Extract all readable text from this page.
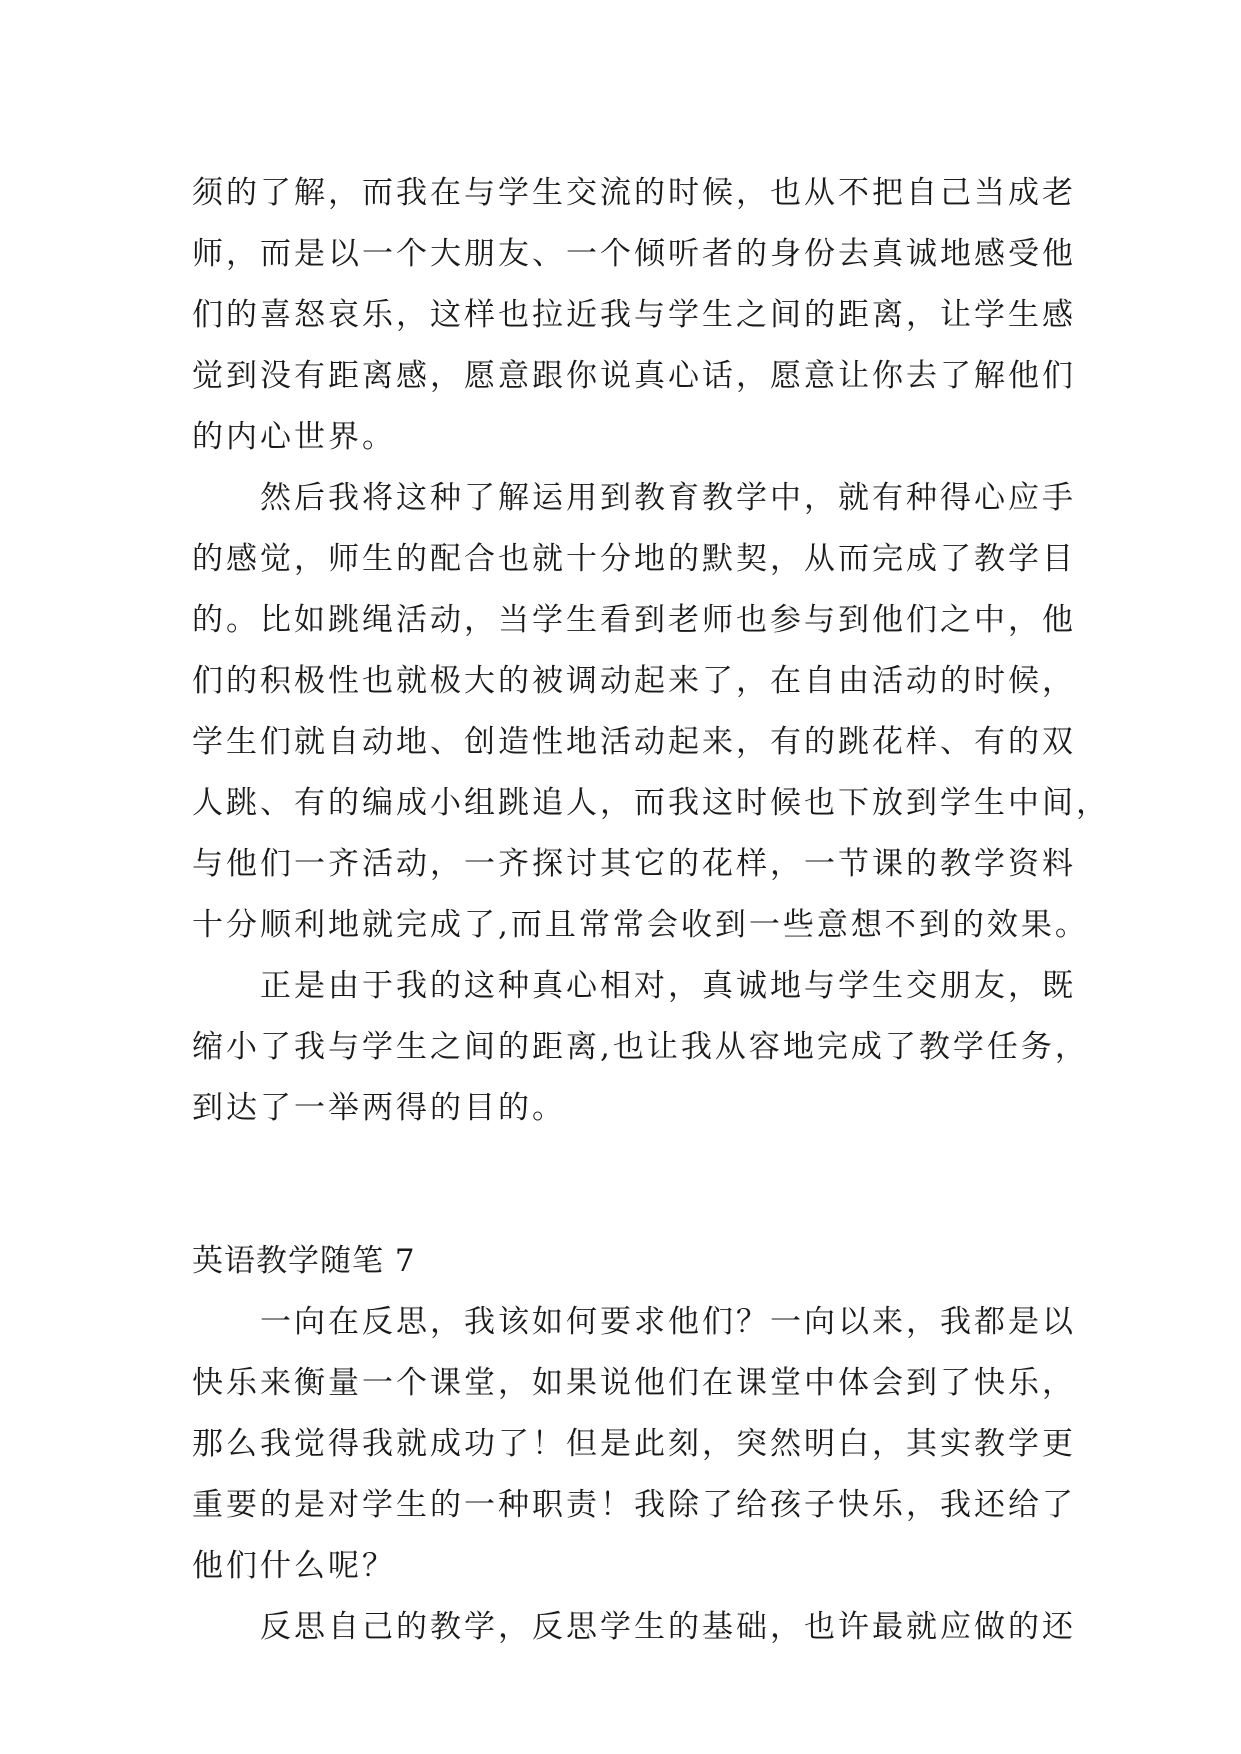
须的了解，而我在与学生交流的时候，也从不把自己当成老
师，而是以一个大朋友、一个倾听者的身份去真诚地感受他
们的喜怒哀乐，这样也拉近我与学生之间的距离，让学生感
觉到没有距离感，愿意跟你说真心话，愿意让你去了解他们
的内心世界。
　　然后我将这种了解运用到教育教学中，就有种得心应手
的感觉，师生的配合也就十分地的默契，从而完成了教学目
的。比如跳绳活动，当学生看到老师也参与到他们之中，他
们的积极性也就极大的被调动起来了，在自由活动的时候，
学生们就自动地、创造性地活动起来，有的跳花样、有的双
人跳、有的编成小组跳追人，而我这时候也下放到学生中间，
与他们一齐活动，一齐探讨其它的花样，一节课的教学资料
十分顺利地就完成了,而且常常会收到一些意想不到的效果。
　　正是由于我的这种真心相对，真诚地与学生交朋友，既
缩小了我与学生之间的距离,也让我从容地完成了教学任务，
到达了一举两得的目的。
英语教学随笔 7
　　一向在反思，我该如何要求他们？一向以来，我都是以
快乐来衡量一个课堂，如果说他们在课堂中体会到了快乐，
那么我觉得我就成功了！但是此刻，突然明白，其实教学更
重要的是对学生的一种职责！我除了给孩子快乐，我还给了
他们什么呢？
　　反思自己的教学，反思学生的基础，也许最就应做的还
